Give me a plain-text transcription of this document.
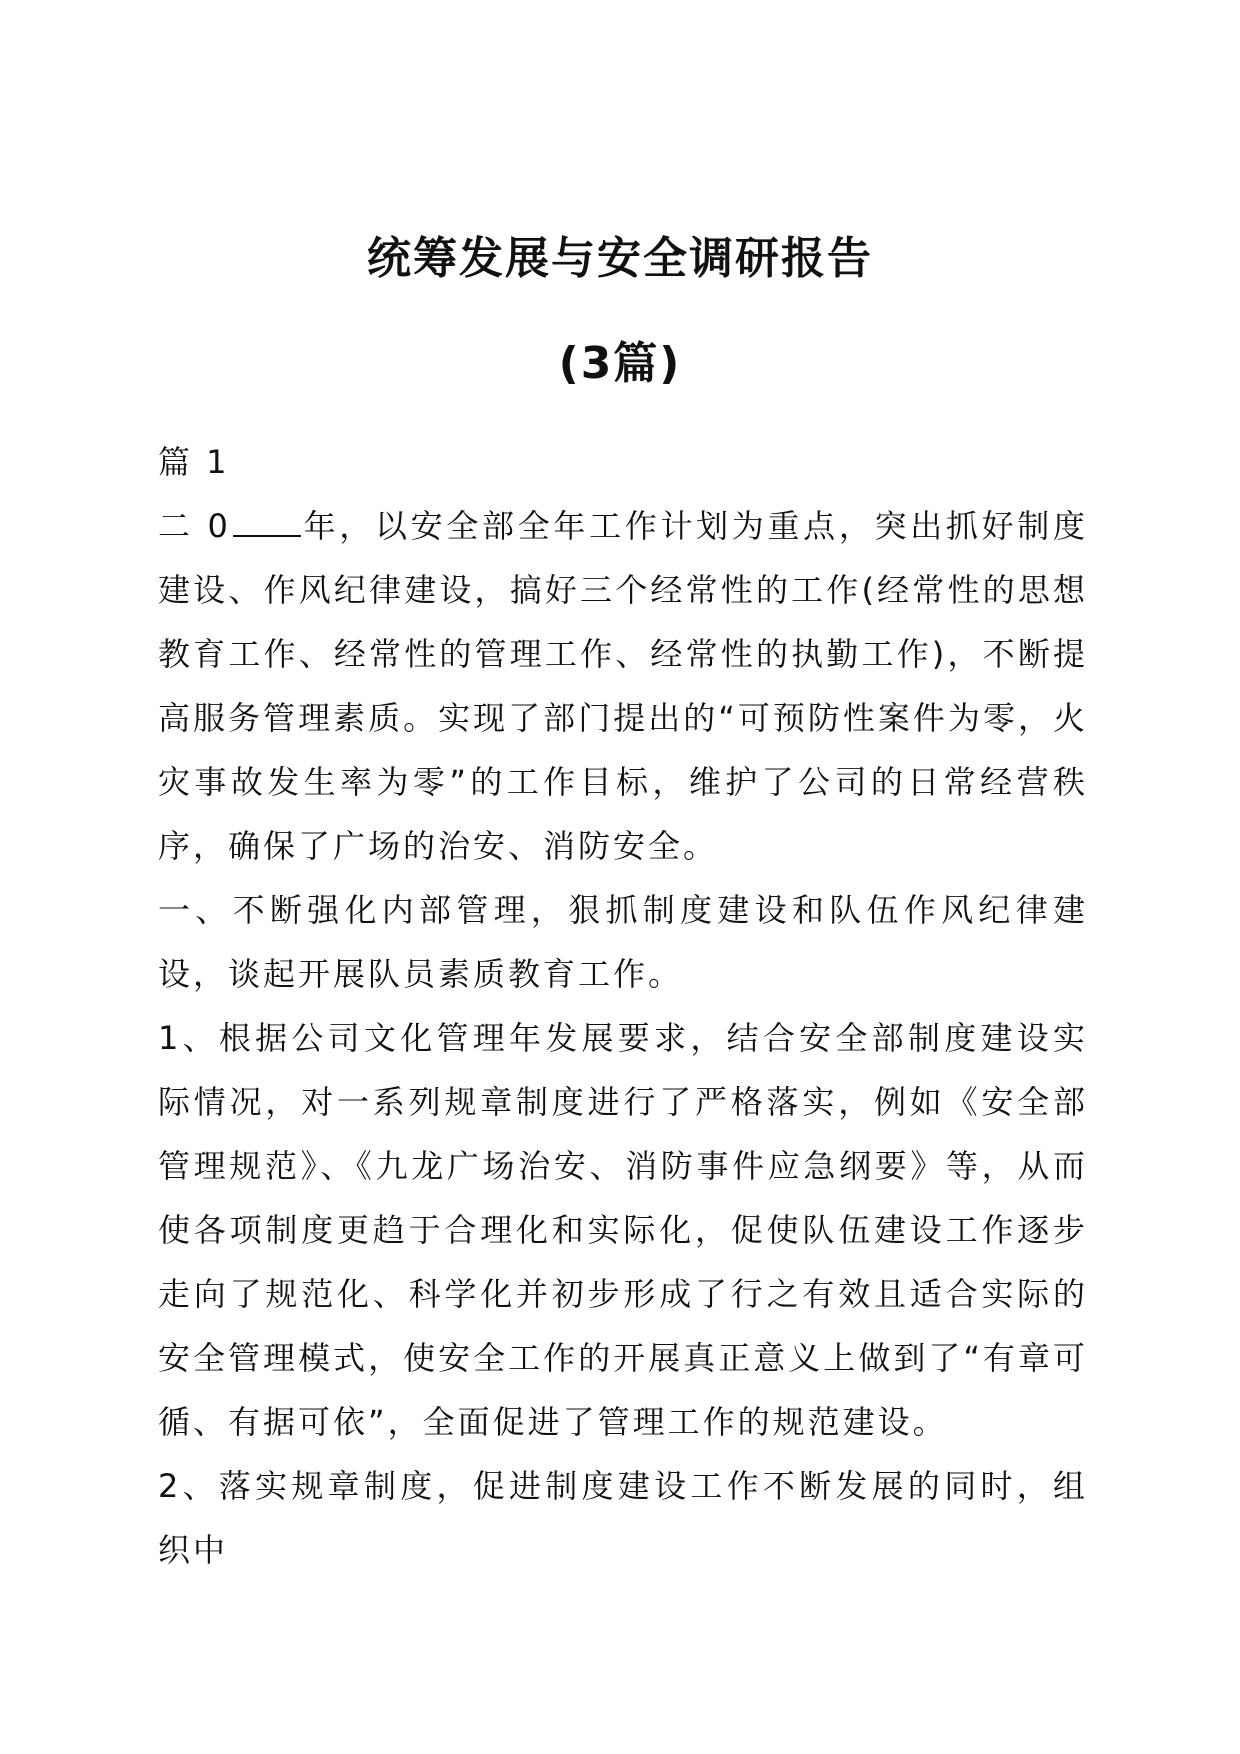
统筹发展与安全调研报告
(3篇)

篇 1

二 0 年，以安全部全年工作计划为重点，突出抓好制度建设、作风纪律建设，搞好三个经常性的工作(经常性的思想教育工作、经常性的管理工作、经常性的执勤工作)，不断提高服务管理素质。实现了部门提出的“可预防性案件为零，火灾事故发生率为零”的工作目标，维护了公司的日常经营秩序，确保了广场的治安、消防安全。

一、不断强化内部管理，狠抓制度建设和队伍作风纪律建设，谈起开展队员素质教育工作。

1、根据公司文化管理年发展要求，结合安全部制度建设实际情况，对一系列规章制度进行了严格落实，例如《安全部管理规范》、《九龙广场治安、消防事件应急纲要》等，从而使各项制度更趋于合理化和实际化，促使队伍建设工作逐步走向了规范化、科学化并初步形成了行之有效且适合实际的安全管理模式，使安全工作的开展真正意义上做到了“有章可循、有据可依”，全面促进了管理工作的规范建设。

2、落实规章制度，促进制度建设工作不断发展的同时，组织中
